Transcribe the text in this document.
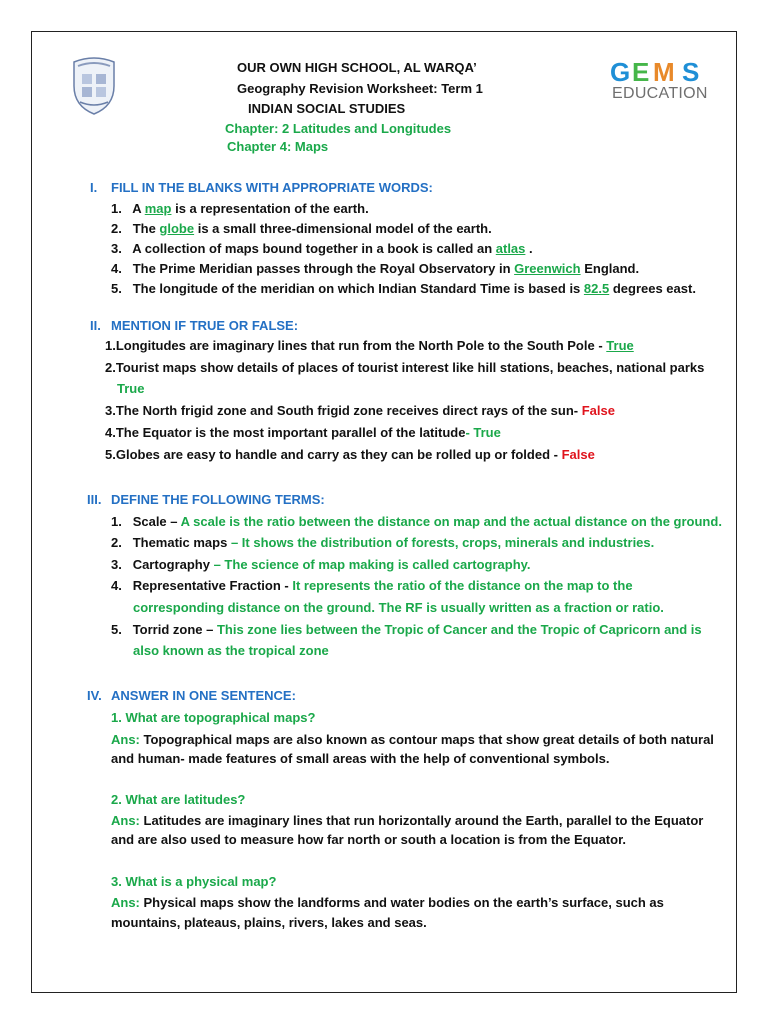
G E M S
EDUCATION
OUR OWN HIGH SCHOOL, AL WARQA’
Geography Revision Worksheet: Term 1
INDIAN SOCIAL STUDIES
Chapter: 2 Latitudes and Longitudes
Chapter 4: Maps
I. FILL IN THE BLANKS WITH APPROPRIATE WORDS:
1. A map is a representation of the earth.
2. The globe is a small three-dimensional model of the earth.
3. A collection of maps bound together in a book is called an atlas .
4. The Prime Meridian passes through the Royal Observatory in Greenwich England.
5. The longitude of the meridian on which Indian Standard Time is based is 82.5 degrees east.
II. MENTION IF TRUE OR FALSE:
1.Longitudes are imaginary lines that run from the North Pole to the South Pole - True
2.Tourist maps show details of places of tourist interest like hill stations, beaches, national parks
True
3.The North frigid zone and South frigid zone receives direct rays of the sun- False
4.The Equator is the most important parallel of the latitude- True
5.Globes are easy to handle and carry as they can be rolled up or folded - False
III. DEFINE THE FOLLOWING TERMS:
1. Scale – A scale is the ratio between the distance on map and the actual distance on the ground.
2. Thematic maps – It shows the distribution of forests, crops, minerals and industries.
3. Cartography – The science of map making is called cartography.
4. Representative Fraction - It represents the ratio of the distance on the map to the
corresponding distance on the ground. The RF is usually written as a fraction or ratio.
5. Torrid zone – This zone lies between the Tropic of Cancer and the Tropic of Capricorn and is
also known as the tropical zone
IV. ANSWER IN ONE SENTENCE:
1. What are topographical maps?
Ans: Topographical maps are also known as contour maps that show great details of both natural
and human- made features of small areas with the help of conventional symbols.
2. What are latitudes?
Ans: Latitudes are imaginary lines that run horizontally around the Earth, parallel to the Equator
and are also used to measure how far north or south a location is from the Equator.
3. What is a physical map?
Ans: Physical maps show the landforms and water bodies on the earth’s surface, such as
mountains, plateaus, plains, rivers, lakes and seas.
